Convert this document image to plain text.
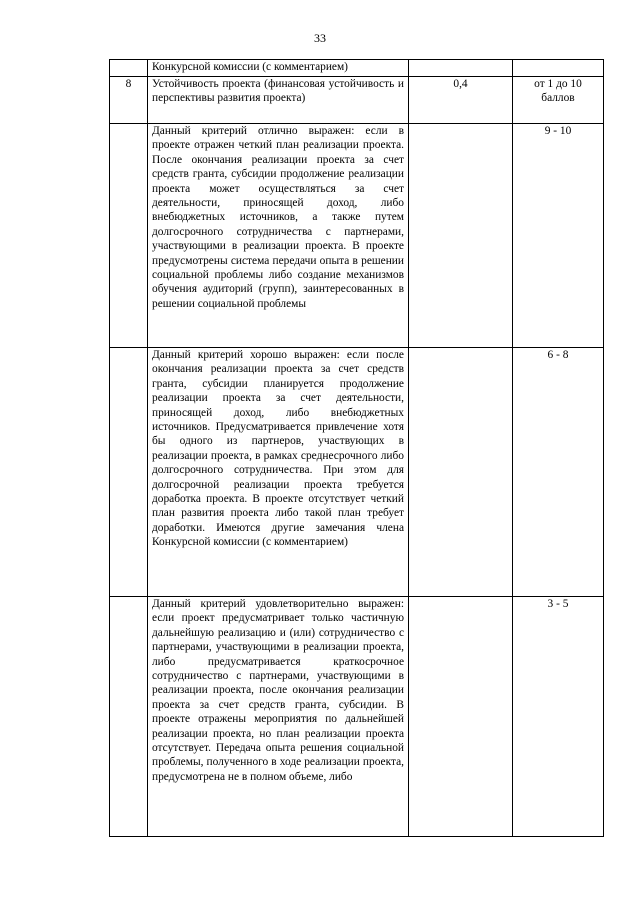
33

	Конкурсной комиссии (с комментарием)		

8	Устойчивость проекта (финансовая устойчивость и перспективы развития проекта)	0,4	от 1 до 10 баллов

	Данный критерий отлично выражен: если в проекте отражен четкий план реализации проекта. После окончания реализации проекта за счет средств гранта, субсидии продолжение реализации проекта может осуществляться за счет деятельности, приносящей доход, либо внебюджетных источников, а также путем долгосрочного сотрудничества с партнерами, участвующими в реализации проекта. В проекте предусмотрены система передачи опыта в решении социальной проблемы либо создание механизмов обучения аудиторий (групп), заинтересованных в решении социальной проблемы		9 - 10

	Данный критерий хорошо выражен: если после окончания реализации проекта за счет средств гранта, субсидии планируется продолжение реализации проекта за счет деятельности, приносящей доход, либо внебюджетных источников. Предусматривается привлечение хотя бы одного из партнеров, участвующих в реализации проекта, в рамках среднесрочного либо долгосрочного сотрудничества. При этом для долгосрочной реализации проекта требуется доработка проекта. В проекте отсутствует четкий план развития проекта либо такой план требует доработки. Имеются другие замечания члена Конкурсной комиссии (с комментарием)		6 - 8

	Данный критерий удовлетворительно выражен: если проект предусматривает только частичную дальнейшую реализацию и (или) сотрудничество с партнерами, участвующими в реализации проекта, либо предусматривается краткосрочное сотрудничество с партнерами, участвующими в реализации проекта, после окончания реализации проекта за счет средств гранта, субсидии. В проекте отражены мероприятия по дальнейшей реализации проекта, но план реализации проекта отсутствует. Передача опыта решения социальной проблемы, полученного в ходе реализации проекта, предусмотрена не в полном объеме, либо		3 - 5
